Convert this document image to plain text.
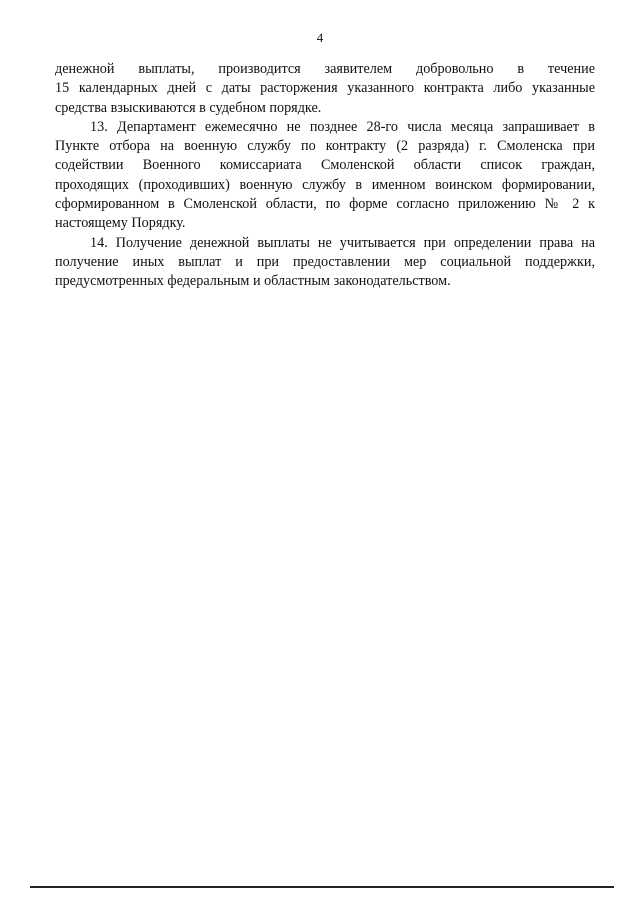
4

денежной выплаты, производится заявителем добровольно в течение
15 календарных дней с даты расторжения указанного контракта либо указанные
средства взыскиваются в судебном порядке.

13. Департамент ежемесячно не позднее 28-го числа месяца запрашивает в
Пункте отбора на военную службу по контракту (2 разряда) г. Смоленска при
содействии Военного комиссариата Смоленской области список граждан,
проходящих (проходивших) военную службу в именном воинском формировании,
сформированном в Смоленской области, по форме согласно приложению № 2 к
настоящему Порядку.

14. Получение денежной выплаты не учитывается при определении права на
получение иных выплат и при предоставлении мер социальной поддержки,
предусмотренных федеральным и областным законодательством.
